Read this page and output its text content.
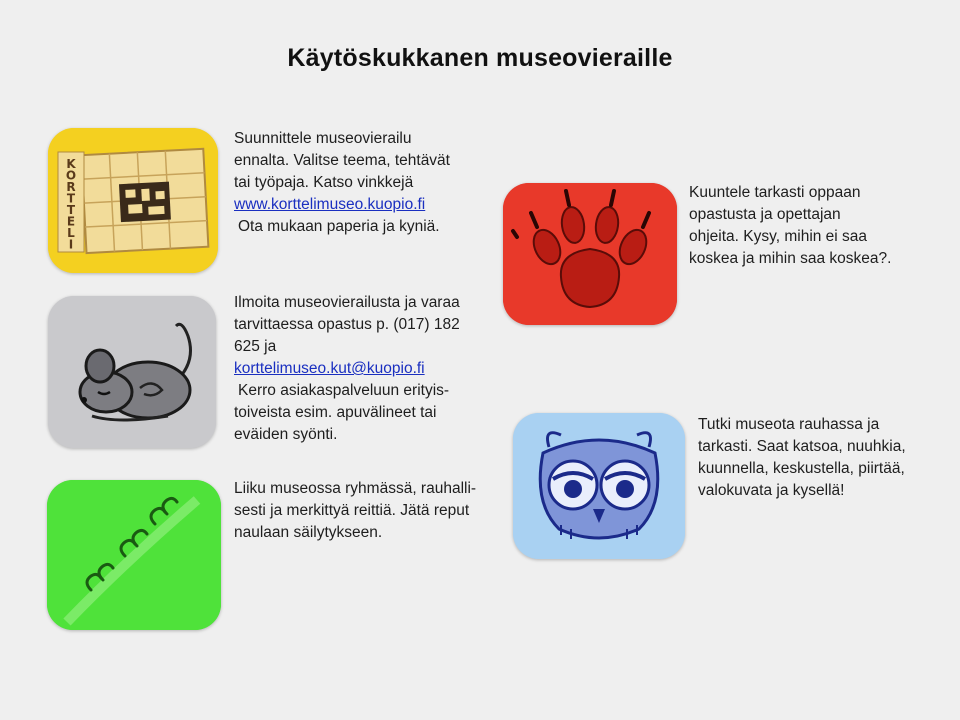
Käytöskukkanen museovieraille
K O R T T E L I
Suunnittele museovierailu
ennalta. Valitse teema, tehtävät
tai työpaja. Katso vinkkejä
www.korttelimuseo.kuopio.fi
Ota mukaan paperia ja kyniä.
Kuuntele tarkasti oppaan
opastusta ja opettajan
ohjeita. Kysy, mihin ei saa
koskea ja mihin saa koskea?.
Ilmoita museovierailusta ja varaa
tarvittaessa opastus p. (017) 182
625 ja
korttelimuseo.kut@kuopio.fi
Kerro asiakaspalveluun erityis-
toiveista esim. apuvälineet tai
eväiden syönti.
Tutki museota rauhassa ja
tarkasti. Saat katsoa, nuuhkia,
kuunnella, keskustella, piirtää,
valokuvata ja kysellä!
Liiku museossa ryhmässä, rauhalli-
sesti ja merkittyä reittiä. Jätä reput
naulaan säilytykseen.
